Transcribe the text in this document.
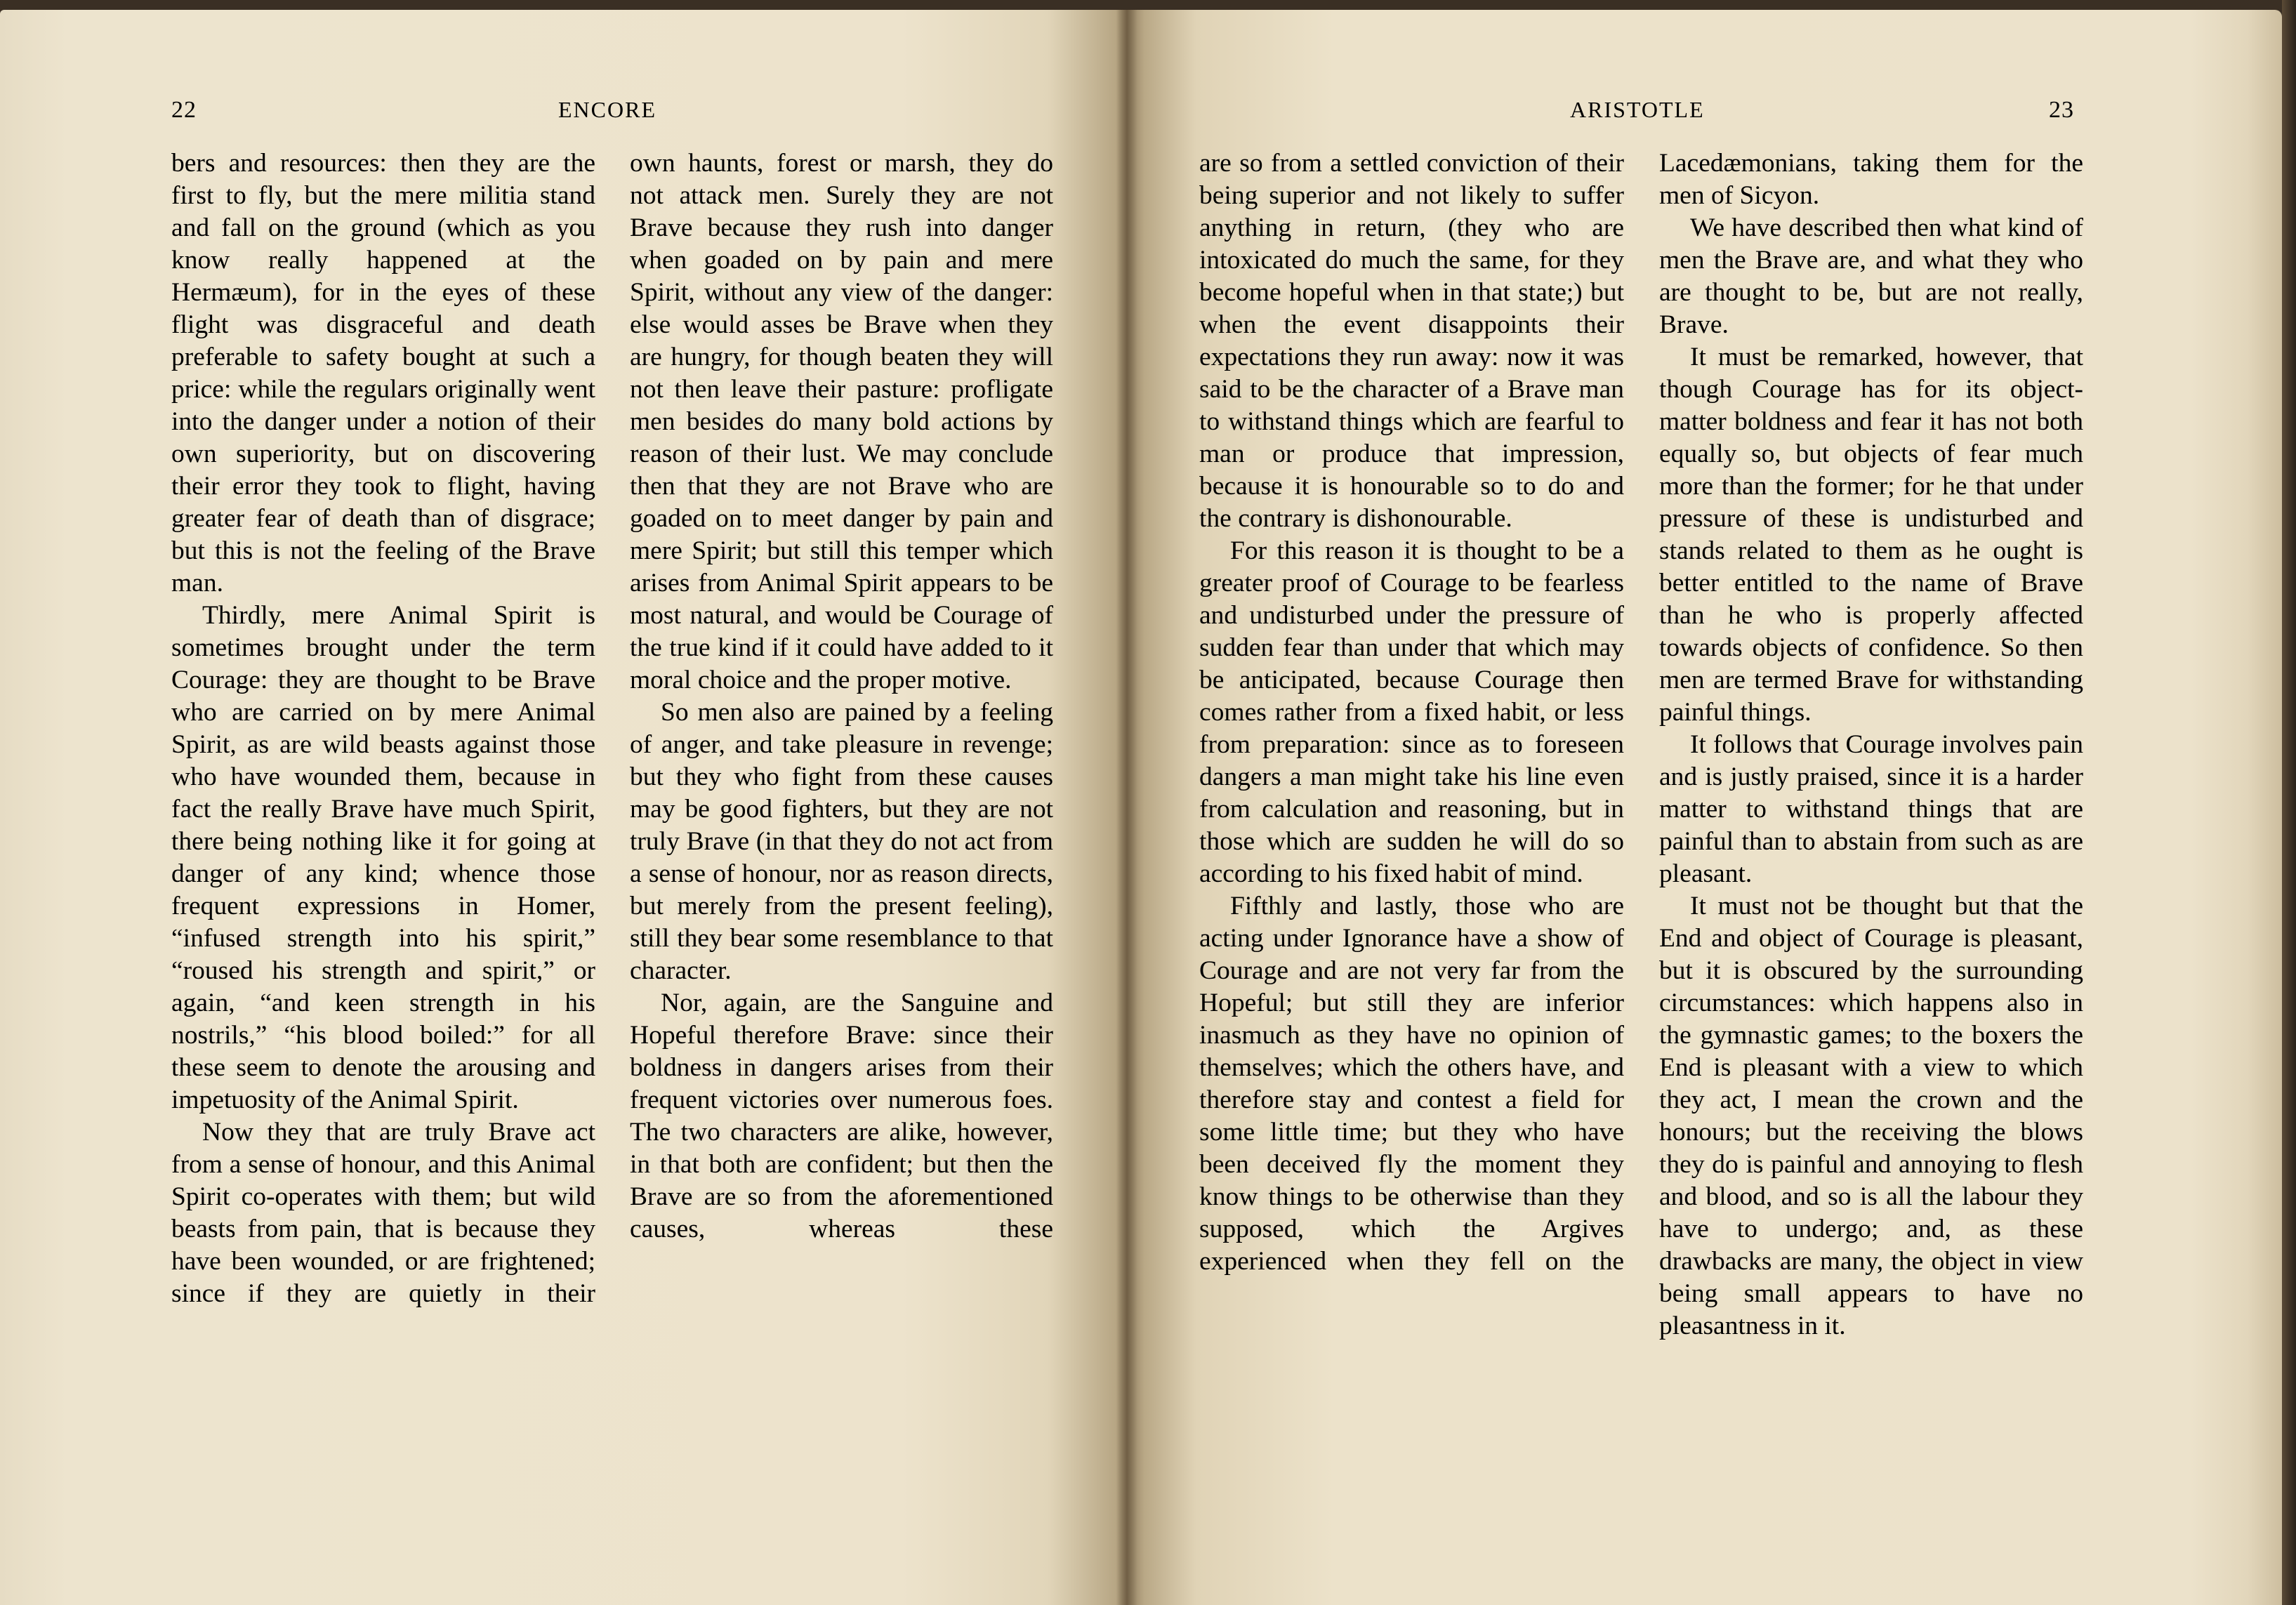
22	ENCORE	ARISTOTLE	23

bers and resources: then they are the first to fly, but the mere militia stand and fall on the ground (which as you know really happened at the Hermæum), for in the eyes of these flight was disgraceful and death preferable to safety bought at such a price: while the regulars originally went into the danger under a notion of their own superiority, but on discovering their error they took to flight, having greater fear of death than of disgrace; but this is not the feeling of the Brave man.

Thirdly, mere Animal Spirit is sometimes brought under the term Courage: they are thought to be Brave who are carried on by mere Animal Spirit, as are wild beasts against those who have wounded them, because in fact the really Brave have much Spirit, there being nothing like it for going at danger of any kind; whence those frequent expressions in Homer, “infused strength into his spirit,” “roused his strength and spirit,” or again, “and keen strength in his nostrils,” “his blood boiled:” for all these seem to denote the arousing and impetuosity of the Animal Spirit.

Now they that are truly Brave act from a sense of honour, and this Animal Spirit co-operates with them; but wild beasts from pain, that is because they have been wounded, or are frightened; since if they are quietly in their

own haunts, forest or marsh, they do not attack men. Surely they are not Brave because they rush into danger when goaded on by pain and mere Spirit, without any view of the danger: else would asses be Brave when they are hungry, for though beaten they will not then leave their pasture: profligate men besides do many bold actions by reason of their lust. We may conclude then that they are not Brave who are goaded on to meet danger by pain and mere Spirit; but still this temper which arises from Animal Spirit appears to be most natural, and would be Courage of the true kind if it could have added to it moral choice and the proper motive.

So men also are pained by a feeling of anger, and take pleasure in revenge; but they who fight from these causes may be good fighters, but they are not truly Brave (in that they do not act from a sense of honour, nor as reason directs, but merely from the present feeling), still they bear some resemblance to that character.

Nor, again, are the Sanguine and Hopeful therefore Brave: since their boldness in dangers arises from their frequent victories over numerous foes. The two characters are alike, however, in that both are confident; but then the Brave are so from the aforementioned causes, whereas these

are so from a settled conviction of their being superior and not likely to suffer anything in return, (they who are intoxicated do much the same, for they become hopeful when in that state;) but when the event disappoints their expectations they run away: now it was said to be the character of a Brave man to withstand things which are fearful to man or produce that impression, because it is honourable so to do and the contrary is dishonourable.

For this reason it is thought to be a greater proof of Courage to be fearless and undisturbed under the pressure of sudden fear than under that which may be anticipated, because Courage then comes rather from a fixed habit, or less from preparation: since as to foreseen dangers a man might take his line even from calculation and reasoning, but in those which are sudden he will do so according to his fixed habit of mind.

Fifthly and lastly, those who are acting under Ignorance have a show of Courage and are not very far from the Hopeful; but still they are inferior inasmuch as they have no opinion of themselves; which the others have, and therefore stay and contest a field for some little time; but they who have been deceived fly the moment they know things to be otherwise than they supposed, which the Argives experienced when they fell on the

Lacedæmonians, taking them for the men of Sicyon.

We have described then what kind of men the Brave are, and what they who are thought to be, but are not really, Brave.

It must be remarked, however, that though Courage has for its object-matter boldness and fear it has not both equally so, but objects of fear much more than the former; for he that under pressure of these is undisturbed and stands related to them as he ought is better entitled to the name of Brave than he who is properly affected towards objects of confidence. So then men are termed Brave for withstanding painful things.

It follows that Courage involves pain and is justly praised, since it is a harder matter to withstand things that are painful than to abstain from such as are pleasant.

It must not be thought but that the End and object of Courage is pleasant, but it is obscured by the surrounding circumstances: which happens also in the gymnastic games; to the boxers the End is pleasant with a view to which they act, I mean the crown and the honours; but the receiving the blows they do is painful and annoying to flesh and blood, and so is all the labour they have to undergo; and, as these drawbacks are many, the object in view being small appears to have no pleasantness in it.
